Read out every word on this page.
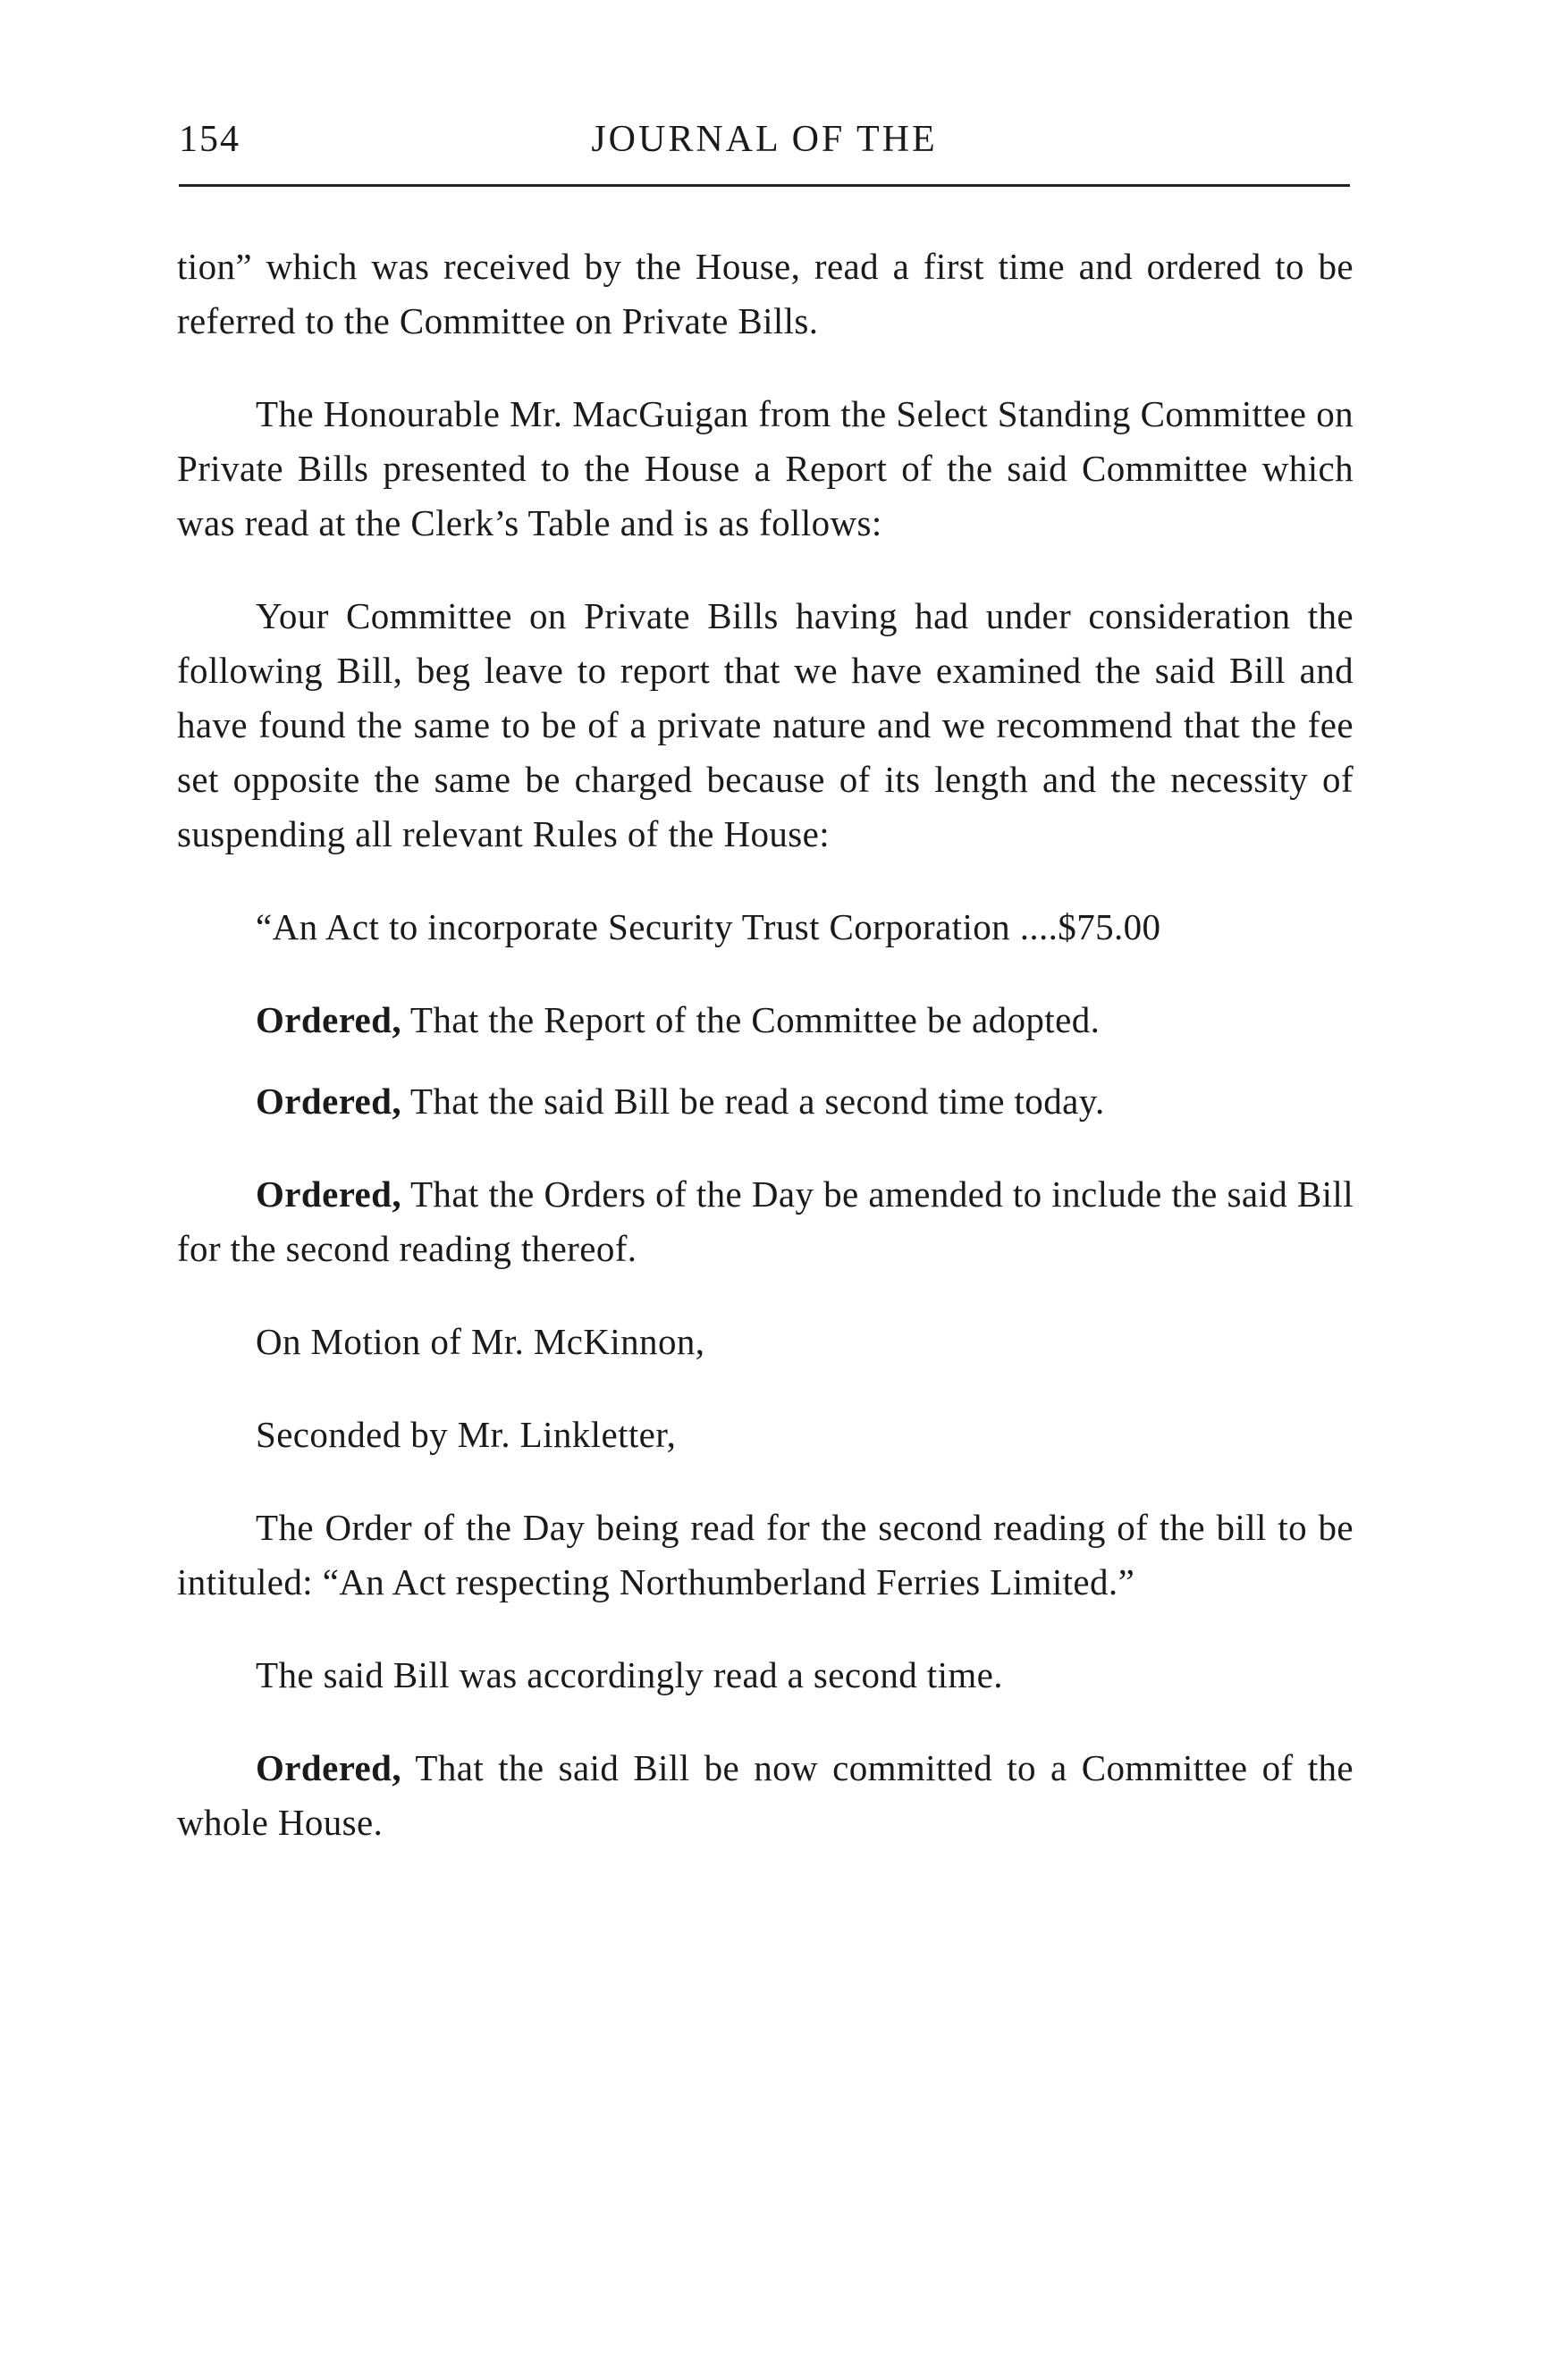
154	JOURNAL OF THE

tion” which was received by the House, read a first time and ordered to be referred to the Committee on Private Bills.

The Honourable Mr. MacGuigan from the Select Standing Committee on Private Bills presented to the House a Report of the said Committee which was read at the Clerk’s Table and is as follows:

Your Committee on Private Bills having had under consideration the following Bill, beg leave to report that we have examined the said Bill and have found the same to be of a private nature and we recommend that the fee set opposite the same be charged because of its length and the necessity of suspending all relevant Rules of the House:

“An Act to incorporate Security Trust Corporation ....$75.00

Ordered, That the Report of the Committee be adopted.

Ordered, That the said Bill be read a second time today.

Ordered, That the Orders of the Day be amended to include the said Bill for the second reading thereof.

On Motion of Mr. McKinnon,

Seconded by Mr. Linkletter,

The Order of the Day being read for the second reading of the bill to be intituled: “An Act respecting Northumberland Ferries Limited.”

The said Bill was accordingly read a second time.

Ordered, That the said Bill be now committed to a Committee of the whole House.
